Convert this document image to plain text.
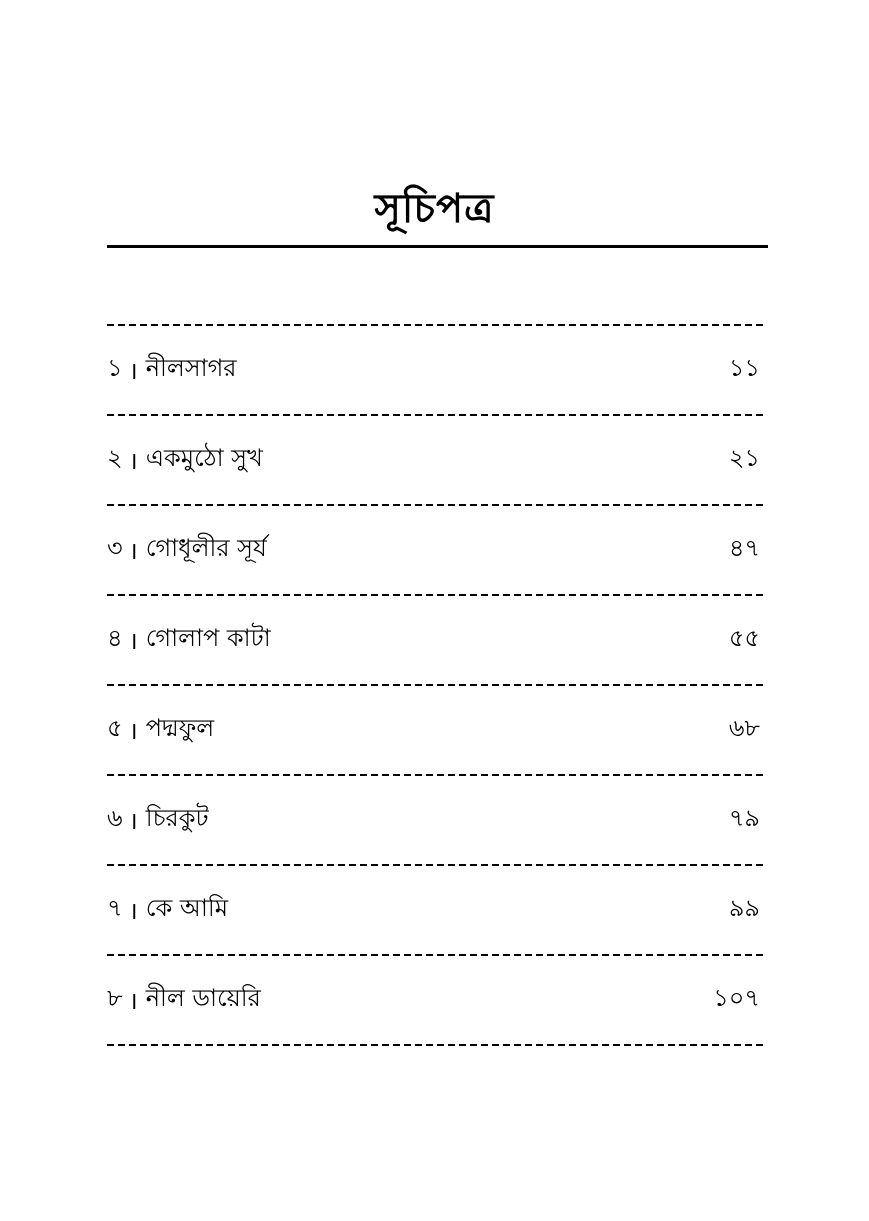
সূচিপত্র
১ । নীলসাগর	১১
২ । একমুঠো সুখ	২১
৩ । গোধূলীর সূর্য	৪৭
৪ । গোলাপ কাটা	৫৫
৫ । পদ্মফুল	৬৮
৬ । চিরকুট	৭৯
৭ । কে আমি	৯৯
৮ । নীল ডায়েরি	১০৭
